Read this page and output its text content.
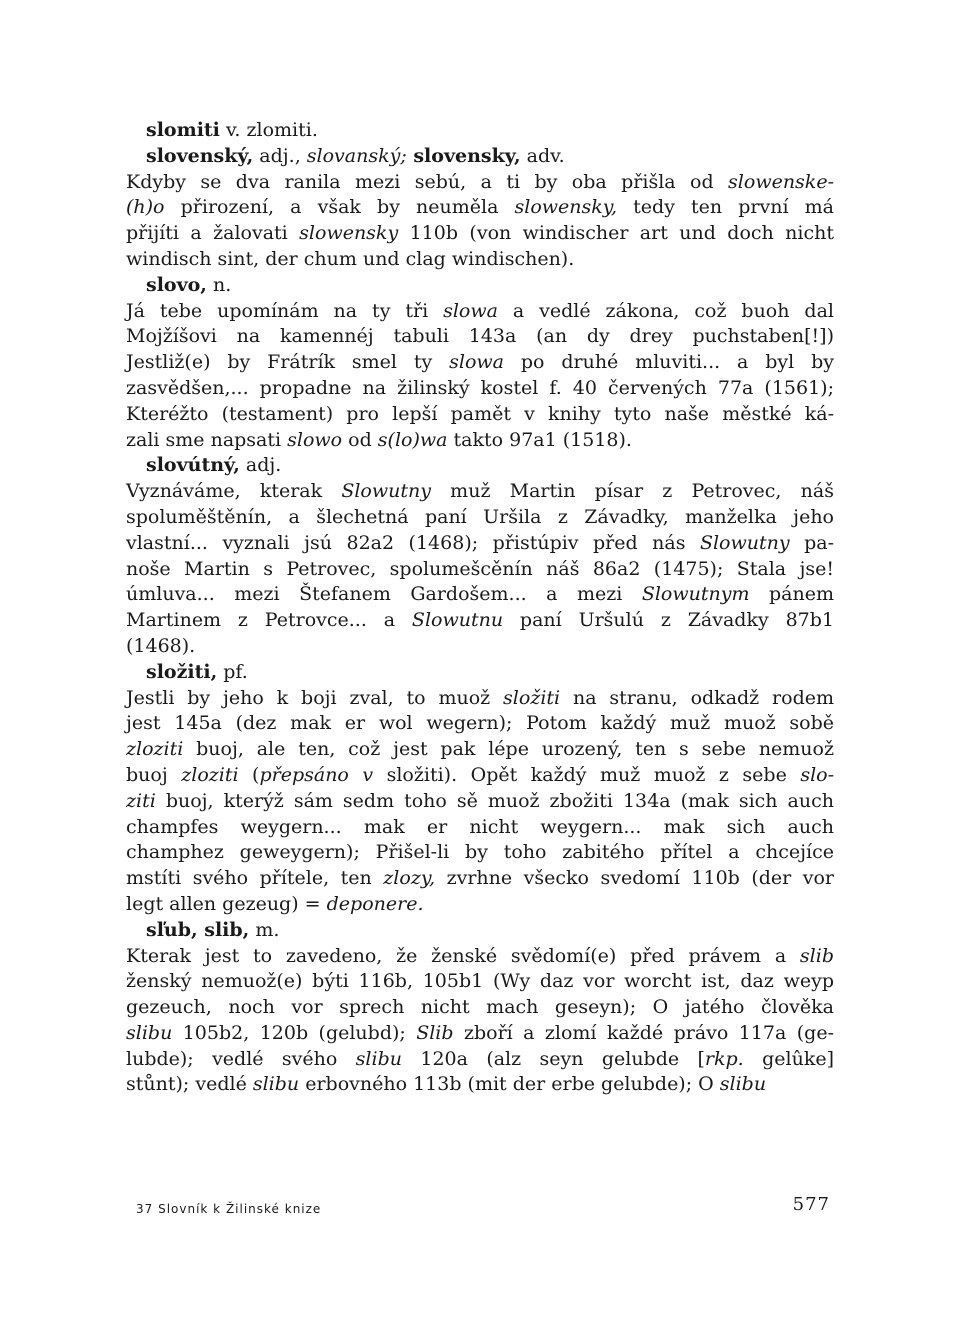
slomiti v. zlomiti.
slovenský, adj., slovanský; slovensky, adv.

Kdyby se dva ranila mezi sebú, a ti by oba přišla od slowenske-
(h)o přirození, a však by neuměla slowensky, tedy ten první má
přijíti a žalovati slowensky 110b (von windischer art und doch nicht
windisch sint, der chum und clag windischen).

slovo, n.

Já tebe upomínám na ty tři slowa a vedlé zákona, což buoh dal
Mojžíšovi na kamennéj tabuli 143a (an dy drey puchstaben[!])
Jestliž(e) by Frátrík smel ty slowa po druhé mluviti... a byl by
zasvědšen,... propadne na žilinský kostel f. 40 červených 77a (1561);
Kteréžto (testament) pro lepší pamět v knihy tyto naše městké ká-
zali sme napsati slowo od s(lo)wa takto 97a1 (1518).

slovútný, adj.

Vyznáváme, kterak Slowutny muž Martin písar z Petrovec, náš
spoluměštěnín, a šlechetná paní Uršila z Závadky, manželka jeho
vlastní... vyznali jsú 82a2 (1468); přistúpiv před nás Slowutny pa-
noše Martin s Petrovec, spolumešcěnín náš 86a2 (1475); Stala jse!
úmluva... mezi Štefanem Gardošem... a mezi Slowutnym pánem
Martinem z Petrovce... a Slowutnu paní Uršulú z Závadky 87b1
(1468).

složiti, pf.

Jestli by jeho k boji zval, to muož složiti na stranu, odkadž rodem
jest 145a (dez mak er wol wegern); Potom každý muž muož sobě
zloziti buoj, ale ten, což jest pak lépe urozený, ten s sebe nemuož
buoj zloziti (přepsáno v složiti). Opět každý muž muož z sebe slo-
ziti buoj, kterýž sám sedm toho sě muož zbožiti 134a (mak sich auch
champfes weygern... mak er nicht weygern... mak sich auch
champhez geweygern); Přišel-li by toho zabitého přítel a chcejíce
mstíti svého přítele, ten zlozy, zvrhne všecko svedomí 110b (der vor
legt allen gezeug) = deponere.

sľub, slib, m.

Kterak jest to zavedeno, že ženské svědomí(e) před právem a slib
ženský nemuož(e) býti 116b, 105b1 (Wy daz vor worcht ist, daz weyp
gezeuch, noch vor sprech nicht mach geseyn); O jatého člověka
slibu 105b2, 120b (gelubd); Slib zboří a zlomí každé právo 117a (ge-
lubde); vedlé svého slibu 120a (alz seyn gelubde [rkp. gelûke]
stůnt); vedlé slibu erbovného 113b (mit der erbe gelubde); O slibu

37 Slovník k Žilinské knize	577
